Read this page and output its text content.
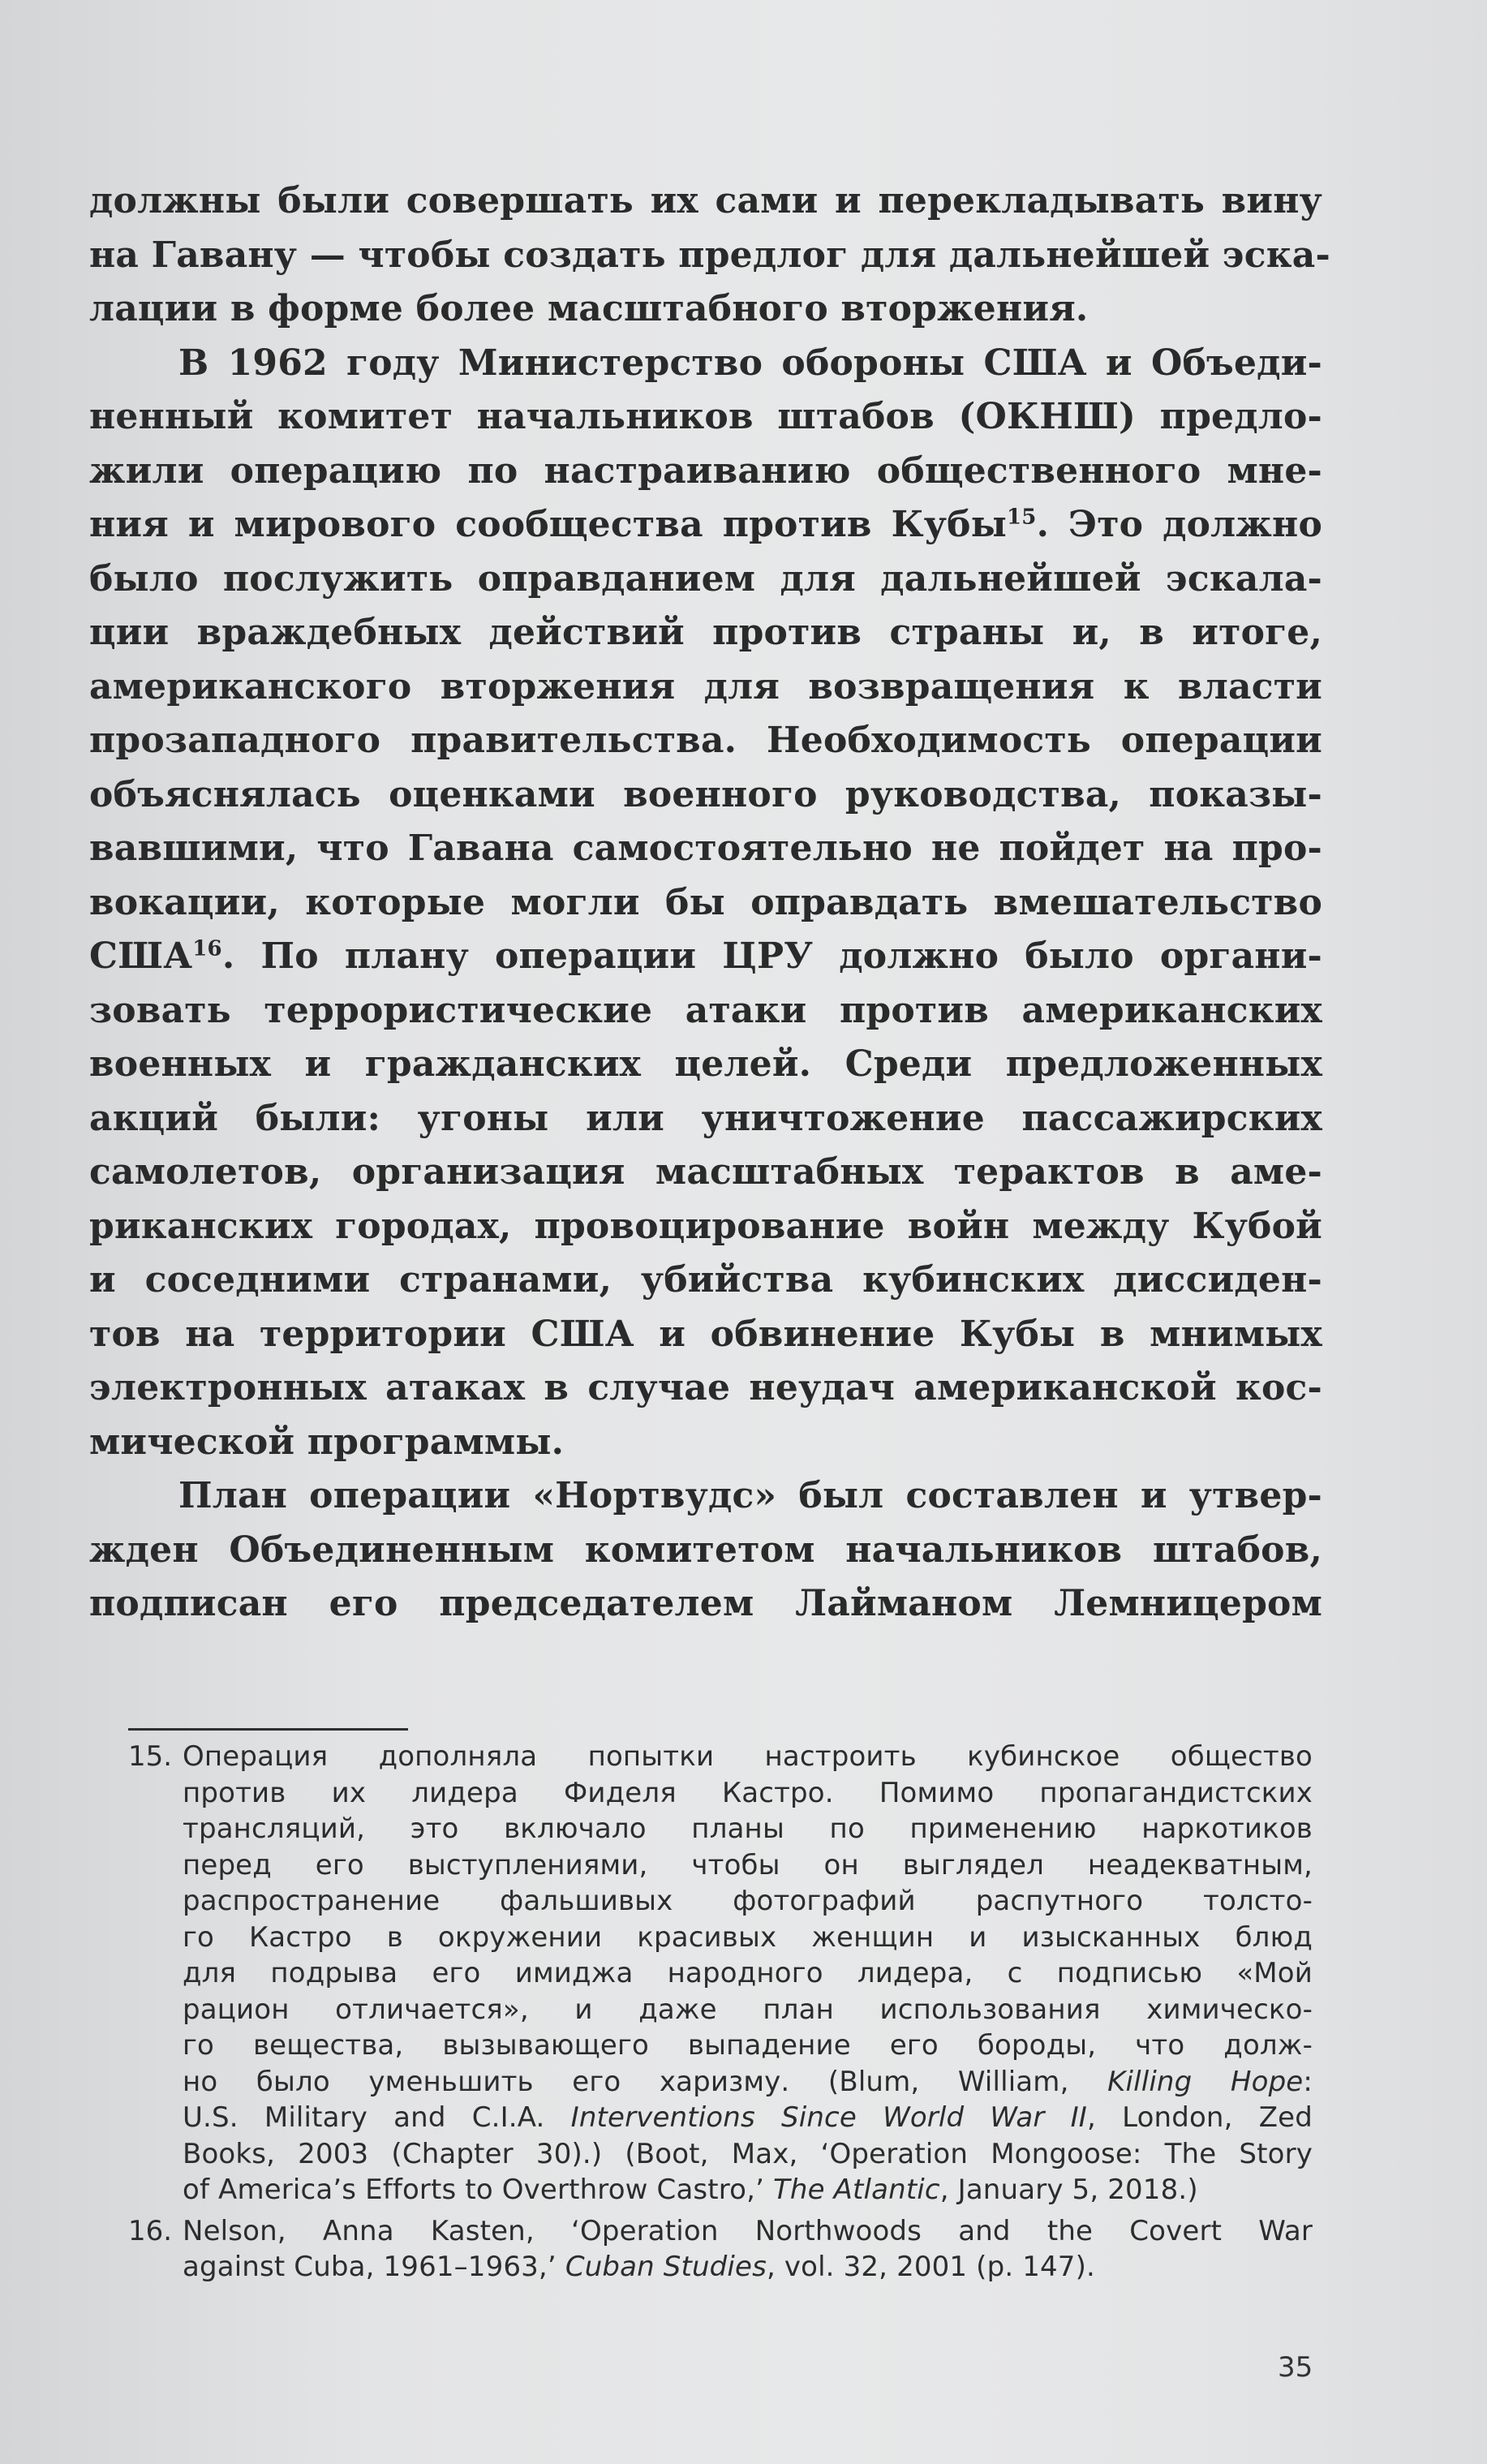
должны были совершать их сами и перекладывать вину
на Гавану — чтобы создать предлог для дальнейшей эска-
лации в форме более масштабного вторжения.
В 1962 году Министерство обороны США и Объеди-
ненный комитет начальников штабов (ОКНШ) предло-
жили операцию по настраиванию общественного мне-
ния и мирового сообщества против Кубы$^{15}$. Это должно
было послужить оправданием для дальнейшей эскала-
ции враждебных действий против страны и, в итоге,
американского вторжения для возвращения к власти
прозападного правительства. Необходимость операции
объяснялась оценками военного руководства, показы-
вавшими, что Гавана самостоятельно не пойдет на про-
вокации, которые могли бы оправдать вмешательство
США$^{16}$. По плану операции ЦРУ должно было органи-
зовать террористические атаки против американских
военных и гражданских целей. Среди предложенных
акций были: угоны или уничтожение пассажирских
самолетов, организация масштабных терактов в аме-
риканских городах, провоцирование войн между Кубой
и соседними странами, убийства кубинских диссиден-
тов на территории США и обвинение Кубы в мнимых
электронных атаках в случае неудач американской кос-
мической программы.
План операции «Нортвудс» был составлен и утвер-
жден Объединенным комитетом начальников штабов,
подписан его председателем Лайманом Лемницером
15. Операция дополняла попытки настроить кубинское общество
против их лидера Фиделя Кастро. Помимо пропагандистских
трансляций, это включало планы по применению наркотиков
перед его выступлениями, чтобы он выглядел неадекватным,
распространение фальшивых фотографий распутного толсто-
го Кастро в окружении красивых женщин и изысканных блюд
для подрыва его имиджа народного лидера, с подписью «Мой
рацион отличается», и даже план использования химическо-
го вещества, вызывающего выпадение его бороды, что долж-
но было уменьшить его харизму. (Blum, William, Killing Hope:
U.S. Military and C.I.A. Interventions Since World War II, London, Zed
Books, 2003 (Chapter 30).) (Boot, Max, ‘Operation Mongoose: The Story
of America’s Efforts to Overthrow Castro,’ The Atlantic, January 5, 2018.)
16. Nelson, Anna Kasten, ‘Operation Northwoods and the Covert War
against Cuba, 1961–1963,’ Cuban Studies, vol. 32, 2001 (p. 147).
35
